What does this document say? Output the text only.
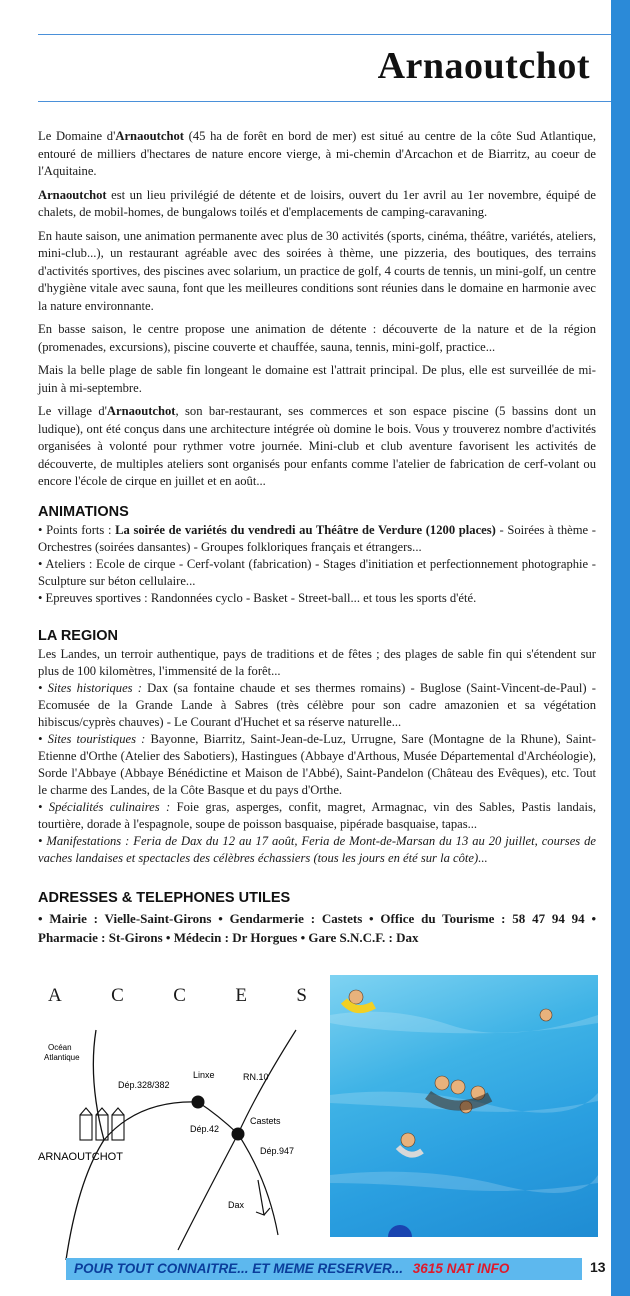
Arnaoutchot

Le Domaine d'Arnaoutchot (45 ha de forêt en bord de mer) est situé au centre de la côte Sud Atlantique, entouré de milliers d'hectares de nature encore vierge, à mi-chemin d'Arcachon et de Biarritz, au coeur de l'Aquitaine.

Arnaoutchot est un lieu privilégié de détente et de loisirs, ouvert du 1er avril au 1er novembre, équipé de chalets, de mobil-homes, de bungalows toilés et d'emplacements de camping-caravaning.

En haute saison, une animation permanente avec plus de 30 activités (sports, cinéma, théâtre, variétés, ateliers, mini-club...), un restaurant agréable avec des soirées à thème, une pizzeria, des boutiques, des terrains d'activités sportives, des piscines avec solarium, un practice de golf, 4 courts de tennis, un mini-golf, un centre d'hygiène vitale avec sauna, font que les meilleures conditions sont réunies dans le domaine en harmonie avec la nature environnante.

En basse saison, le centre propose une animation de détente : découverte de la nature et de la région (promenades, excursions), piscine couverte et chauffée, sauna, tennis, mini-golf, practice...

Mais la belle plage de sable fin longeant le domaine est l'attrait principal. De plus, elle est surveillée de mi-juin à mi-septembre.

Le village d'Arnaoutchot, son bar-restaurant, ses commerces et son espace piscine (5 bassins dont un ludique), ont été conçus dans une architecture intégrée où domine le bois. Vous y trouverez nombre d'activités organisées à volonté pour rythmer votre journée. Mini-club et club aventure favorisent les activités de découverte, de multiples ateliers sont organisés pour enfants comme l'atelier de fabrication de cerf-volant ou encore l'école de cirque en juillet et en août...

ANIMATIONS

• Points forts : La soirée de variétés du vendredi au Théâtre de Verdure (1200 places) - Soirées à thème - Orchestres (soirées dansantes) - Groupes folkloriques français et étrangers...

• Ateliers : Ecole de cirque - Cerf-volant (fabrication) - Stages d'initiation et perfectionnement photographie - Sculpture sur béton cellulaire...

• Epreuves sportives : Randonnées cyclo - Basket - Street-ball... et tous les sports d'été.

LA REGION

Les Landes, un terroir authentique, pays de traditions et de fêtes ; des plages de sable fin qui s'étendent sur plus de 100 kilomètres, l'immensité de la forêt...

• Sites historiques : Dax (sa fontaine chaude et ses thermes romains) - Buglose (Saint-Vincent-de-Paul) - Ecomusée de la Grande Lande à Sabres (très célèbre pour son cadre amazonien et sa végétation hibiscus/cyprès chauves) - Le Courant d'Huchet et sa réserve naturelle...

• Sites touristiques : Bayonne, Biarritz, Saint-Jean-de-Luz, Urrugne, Sare (Montagne de la Rhune), Saint-Etienne d'Orthe (Atelier des Sabotiers), Hastingues (Abbaye d'Arthous, Musée Départemental d'Archéologie), Sorde l'Abbaye (Abbaye Bénédictine et Maison de l'Abbé), Saint-Pandelon (Château des Evêques), etc. Tout le charme des Landes, de la Côte Basque et du pays d'Orthe.

• Spécialités culinaires : Foie gras, asperges, confit, magret, Armagnac, vin des Sables, Pastis landais, tourtière, dorade à l'espagnole, soupe de poisson basquaise, pipérade basquaise, tapas...

• Manifestations : Feria de Dax du 12 au 17 août, Feria de Mont-de-Marsan du 13 au 20 juillet, courses de vaches landaises et spectacles des célèbres échassiers (tous les jours en été sur la côte)...

ADRESSES & TELEPHONES UTILES
• Mairie : Vielle-Saint-Girons • Gendarmerie : Castets • Office du Tourisme : 58 47 94 94 • Pharmacie : St-Girons • Médecin : Dr Horgues • Gare S.N.C.F. : Dax
A	C	C	E	S
Océan
Atlantique
Dép.328/382
Linxe	RN.10
Dép.42
Castets
Dép.947
Dax
ARNAOUTCHOT
POUR TOUT CONNAITRE... ET MEME RESERVER... 3615 NAT INFO	13
